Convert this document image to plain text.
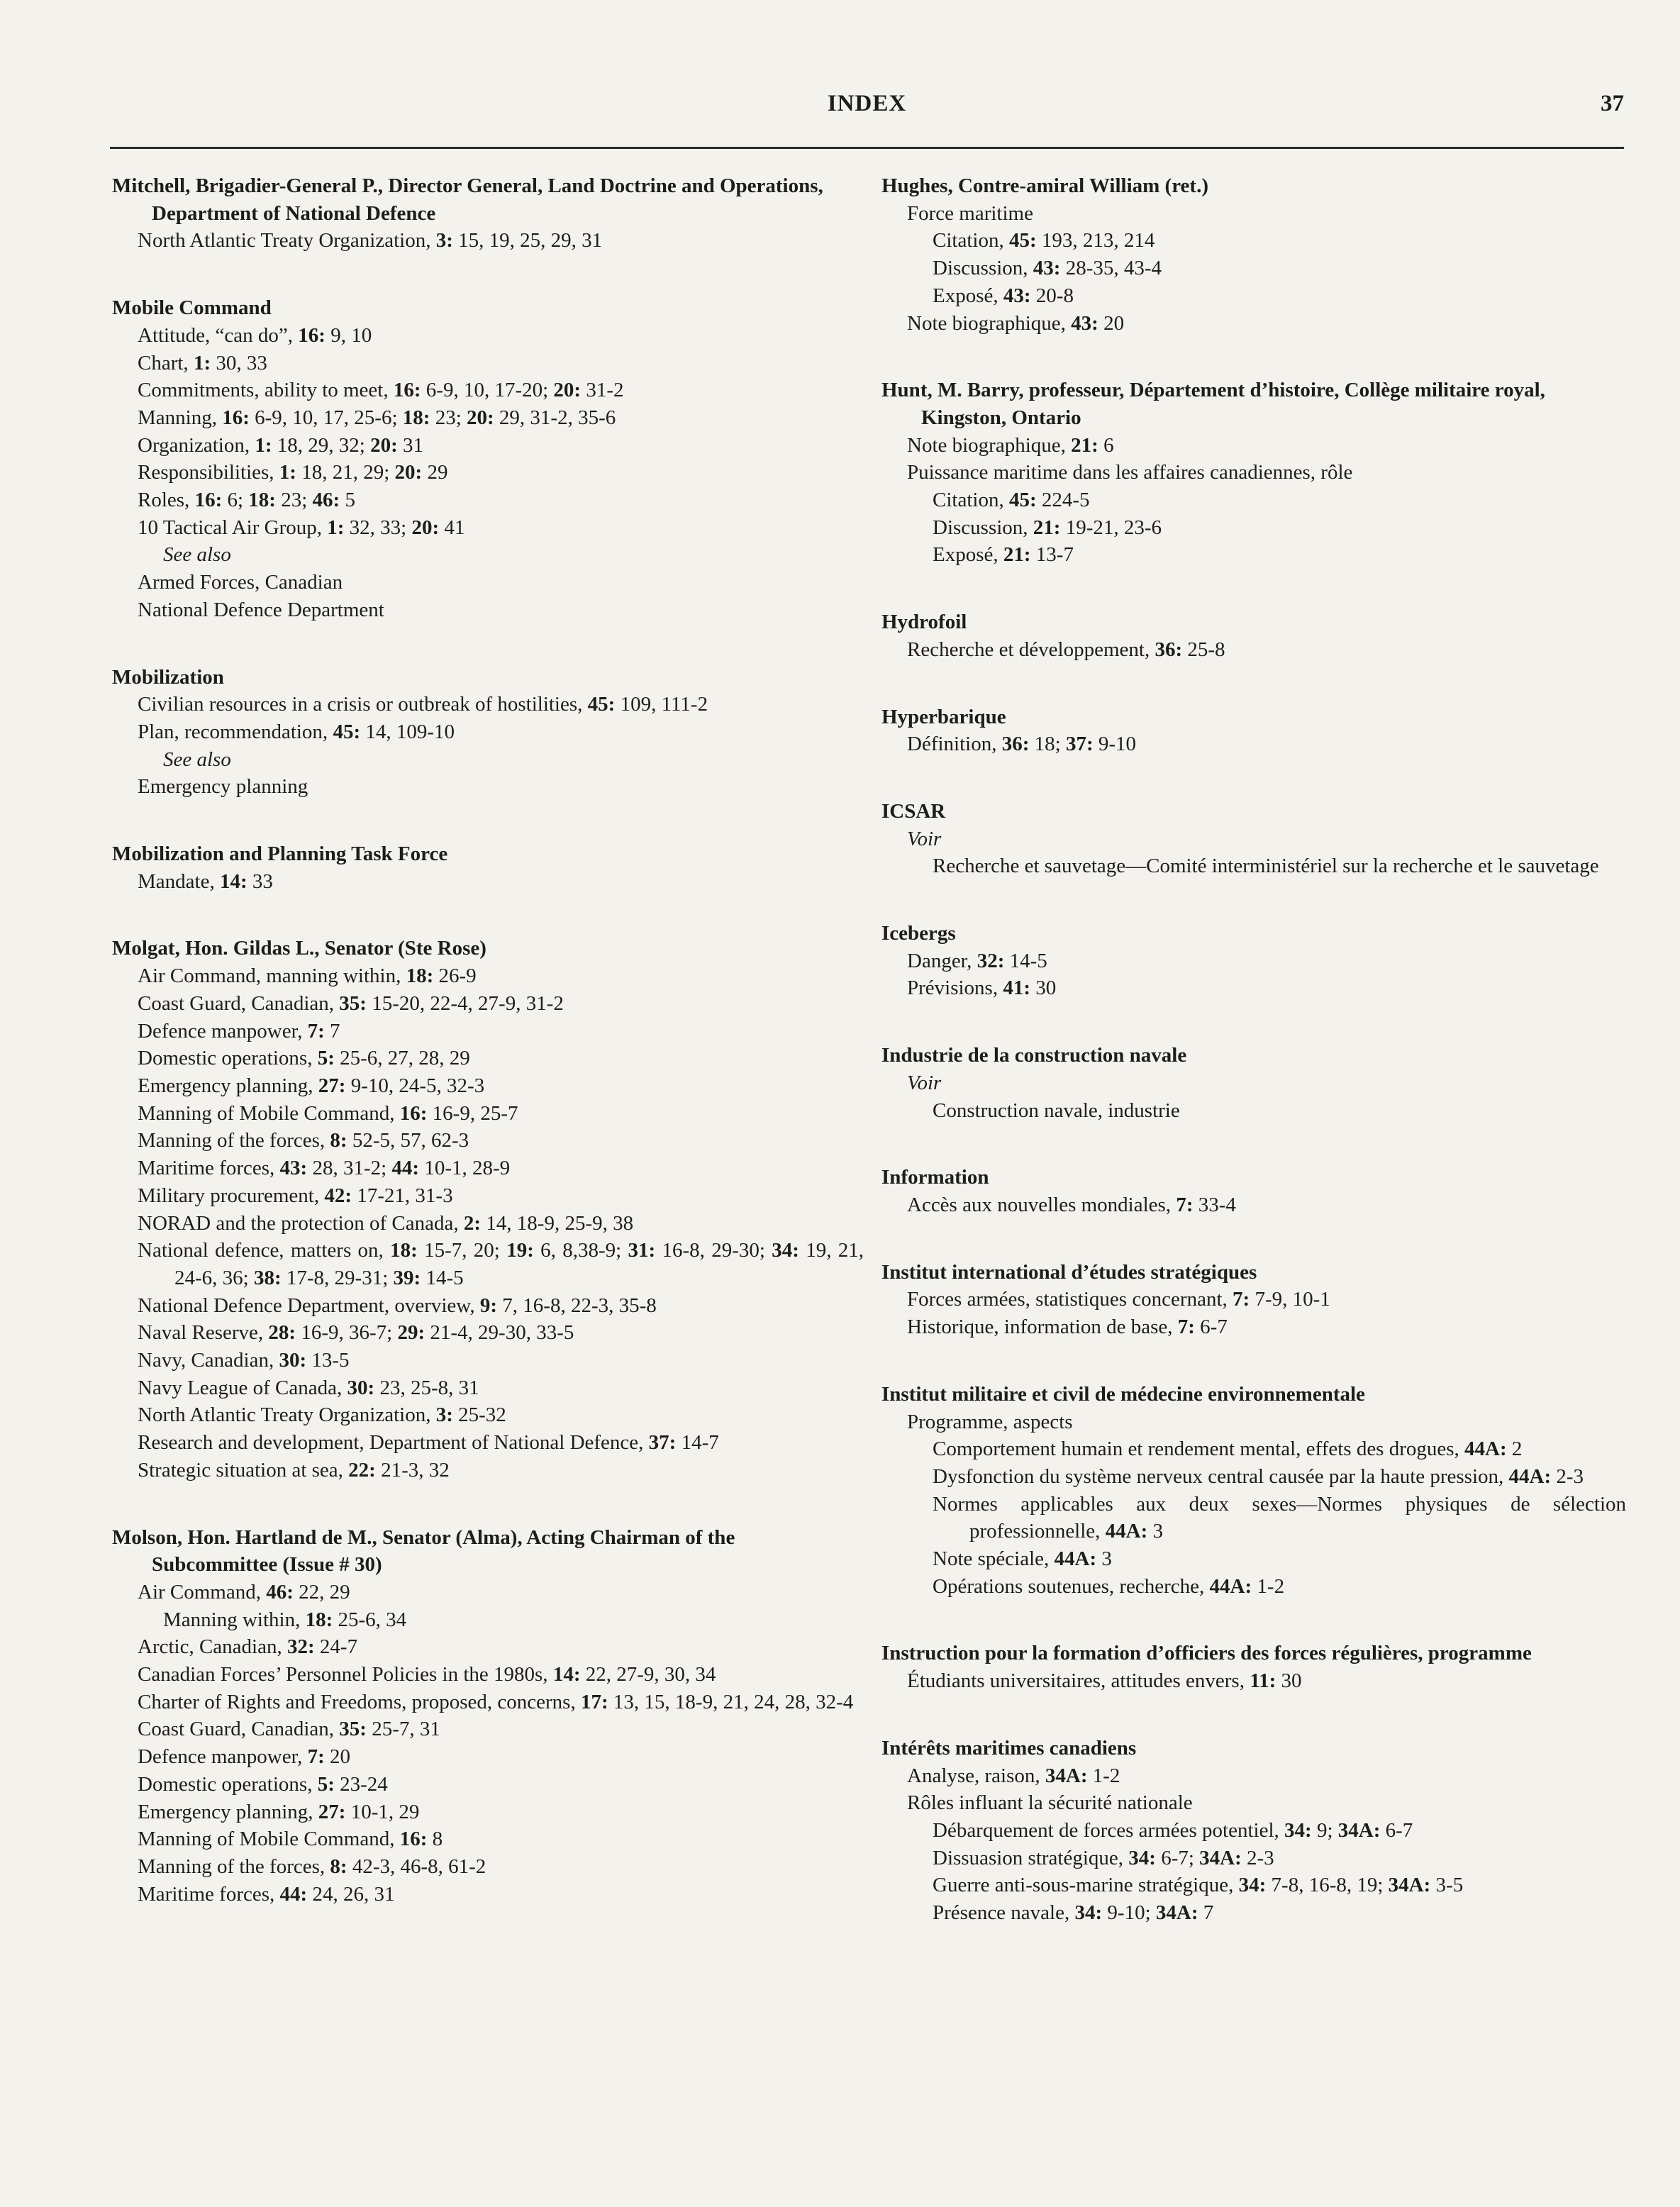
INDEX	37
Mitchell, Brigadier-General P., Director General, Land Doctrine and Operations, Department of National Defence
North Atlantic Treaty Organization, 3: 15, 19, 25, 29, 31
Mobile Command
Attitude, “can do”, 16: 9, 10
Chart, 1: 30, 33
Commitments, ability to meet, 16: 6-9, 10, 17-20; 20: 31-2
Manning, 16: 6-9, 10, 17, 25-6; 18: 23; 20: 29, 31-2, 35-6
Organization, 1: 18, 29, 32; 20: 31
Responsibilities, 1: 18, 21, 29; 20: 29
Roles, 16: 6; 18: 23; 46: 5
10 Tactical Air Group, 1: 32, 33; 20: 41
See also
Armed Forces, Canadian
National Defence Department
Mobilization
Civilian resources in a crisis or outbreak of hostilities, 45: 109, 111-2
Plan, recommendation, 45: 14, 109-10
See also
Emergency planning
Mobilization and Planning Task Force
Mandate, 14: 33
Molgat, Hon. Gildas L., Senator (Ste Rose)
Air Command, manning within, 18: 26-9
Coast Guard, Canadian, 35: 15-20, 22-4, 27-9, 31-2
Defence manpower, 7: 7
Domestic operations, 5: 25-6, 27, 28, 29
Emergency planning, 27: 9-10, 24-5, 32-3
Manning of Mobile Command, 16: 16-9, 25-7
Manning of the forces, 8: 52-5, 57, 62-3
Maritime forces, 43: 28, 31-2; 44: 10-1, 28-9
Military procurement, 42: 17-21, 31-3
NORAD and the protection of Canada, 2: 14, 18-9, 25-9, 38
National defence, matters on, 18: 15-7, 20; 19: 6, 8,38-9; 31: 16-8, 29-30; 34: 19, 21, 24-6, 36; 38: 17-8, 29-31; 39: 14-5
National Defence Department, overview, 9: 7, 16-8, 22-3, 35-8
Naval Reserve, 28: 16-9, 36-7; 29: 21-4, 29-30, 33-5
Navy, Canadian, 30: 13-5
Navy League of Canada, 30: 23, 25-8, 31
North Atlantic Treaty Organization, 3: 25-32
Research and development, Department of National Defence, 37: 14-7
Strategic situation at sea, 22: 21-3, 32
Molson, Hon. Hartland de M., Senator (Alma), Acting Chairman of the Subcommittee (Issue # 30)
Air Command, 46: 22, 29
Manning within, 18: 25-6, 34
Arctic, Canadian, 32: 24-7
Canadian Forces’ Personnel Policies in the 1980s, 14: 22, 27-9, 30, 34
Charter of Rights and Freedoms, proposed, concerns, 17: 13, 15, 18-9, 21, 24, 28, 32-4
Coast Guard, Canadian, 35: 25-7, 31
Defence manpower, 7: 20
Domestic operations, 5: 23-24
Emergency planning, 27: 10-1, 29
Manning of Mobile Command, 16: 8
Manning of the forces, 8: 42-3, 46-8, 61-2
Maritime forces, 44: 24, 26, 31
Hughes, Contre-amiral William (ret.)
Force maritime
Citation, 45: 193, 213, 214
Discussion, 43: 28-35, 43-4
Exposé, 43: 20-8
Note biographique, 43: 20
Hunt, M. Barry, professeur, Département d’histoire, Collège militaire royal, Kingston, Ontario
Note biographique, 21: 6
Puissance maritime dans les affaires canadiennes, rôle
Citation, 45: 224-5
Discussion, 21: 19-21, 23-6
Exposé, 21: 13-7
Hydrofoil
Recherche et développement, 36: 25-8
Hyperbarique
Définition, 36: 18; 37: 9-10
ICSAR
Voir
Recherche et sauvetage—Comité interministériel sur la recherche et le sauvetage
Icebergs
Danger, 32: 14-5
Prévisions, 41: 30
Industrie de la construction navale
Voir
Construction navale, industrie
Information
Accès aux nouvelles mondiales, 7: 33-4
Institut international d’études stratégiques
Forces armées, statistiques concernant, 7: 7-9, 10-1
Historique, information de base, 7: 6-7
Institut militaire et civil de médecine environnementale
Programme, aspects
Comportement humain et rendement mental, effets des drogues, 44A: 2
Dysfonction du système nerveux central causée par la haute pression, 44A: 2-3
Normes applicables aux deux sexes—Normes physiques de sélection professionnelle, 44A: 3
Note spéciale, 44A: 3
Opérations soutenues, recherche, 44A: 1-2
Instruction pour la formation d’officiers des forces régulières, programme
Étudiants universitaires, attitudes envers, 11: 30
Intérêts maritimes canadiens
Analyse, raison, 34A: 1-2
Rôles influant la sécurité nationale
Débarquement de forces armées potentiel, 34: 9; 34A: 6-7
Dissuasion stratégique, 34: 6-7; 34A: 2-3
Guerre anti-sous-marine stratégique, 34: 7-8, 16-8, 19; 34A: 3-5
Présence navale, 34: 9-10; 34A: 7
